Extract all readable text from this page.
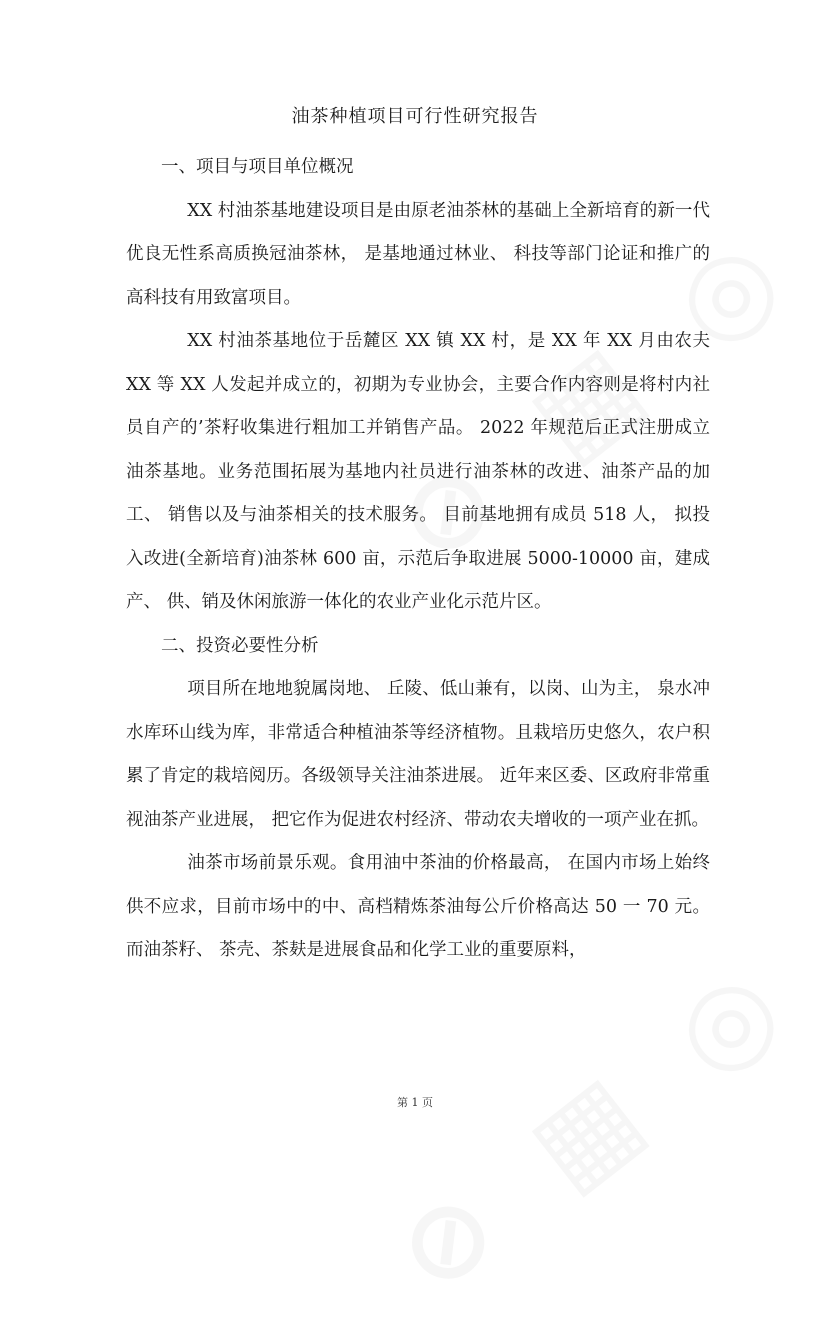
油茶种植项目可行性研究报告

一、项目与项目单位概况

XX 村油茶基地建设项目是由原老油茶林的基础上全新培育的新一代优良无性系高质换冠油茶林， 是基地通过林业、 科技等部门论证和推广的高科技有用致富项目。

XX 村油茶基地位于岳麓区 XX 镇 XX 村，是 XX 年 XX 月由农夫 XX 等 XX 人发起并成立的，初期为专业协会，主要合作内容则是将村内社员自产的’茶籽收集进行粗加工并销售产品。 2022 年规范后正式注册成立油茶基地。业务范围拓展为基地内社员进行油茶林的改进、油茶产品的加工、 销售以及与油茶相关的技术服务。 目前基地拥有成员 518 人， 拟投入改进(全新培育)油茶林 600 亩，示范后争取进展 5000-10000 亩，建成产、 供、销及休闲旅游一体化的农业产业化示范片区。

二、投资必要性分析

项目所在地地貌属岗地、 丘陵、低山兼有，以岗、山为主， 泉水冲水库环山线为库，非常适合种植油茶等经济植物。且栽培历史悠久，农户积累了肯定的栽培阅历。各级领导关注油茶进展。 近年来区委、区政府非常重视油茶产业进展， 把它作为促进农村经济、带动农夫增收的一项产业在抓。

油茶市场前景乐观。食用油中茶油的价格最高， 在国内市场上始终供不应求，目前市场中的中、高档精炼茶油每公斤价格高达 50 一 70 元。而油茶籽、 茶壳、茶麸是进展食品和化学工业的重要原料，

第 1 页
